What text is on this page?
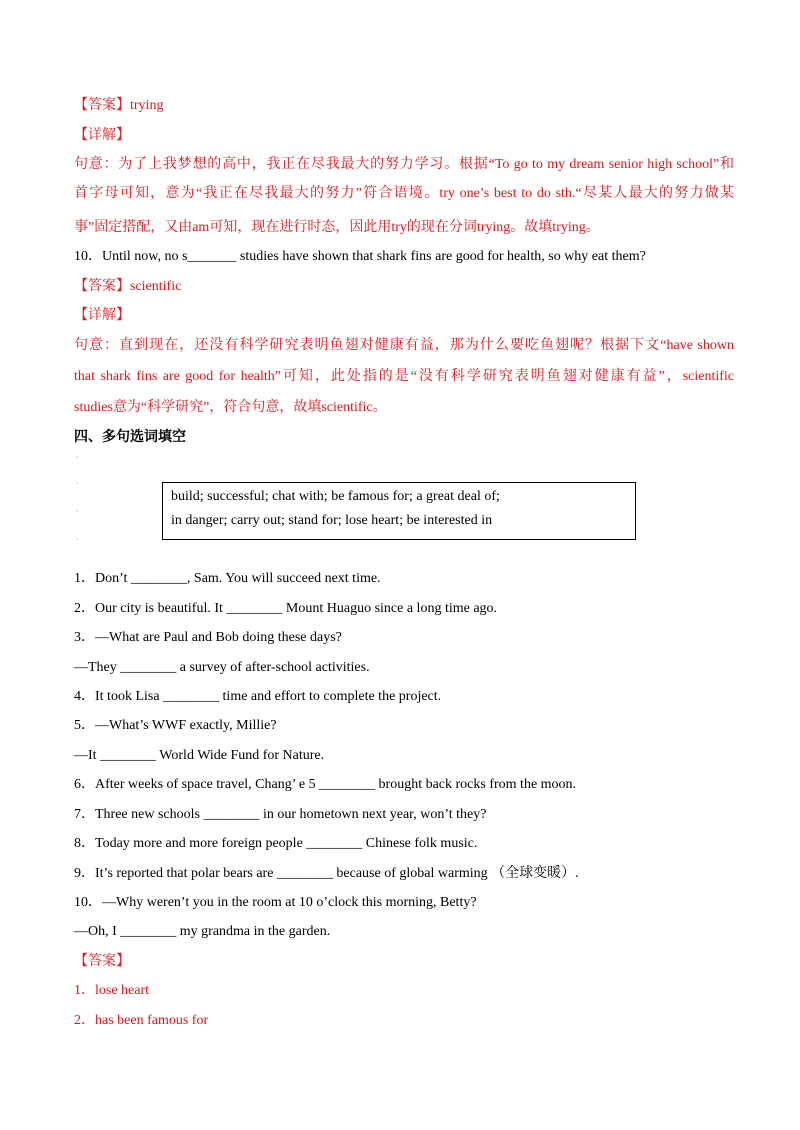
【答案】trying
【详解】
句意：为了上我梦想的高中，我正在尽我最大的努力学习。根据“To go to my dream senior high school”和
首字母可知，意为“我正在尽我最大的努力”符合语境。try one’s best to do sth.“尽某人最大的努力做某
事”固定搭配，又由am可知，现在进行时态，因此用try的现在分词trying。故填trying。
10．Until now, no s_______ studies have shown that shark fins are good for health, so why eat them?
【答案】scientific
【详解】
句意：直到现在，还没有科学研究表明鱼翅对健康有益，那为什么要吃鱼翅呢？根据下文“have shown
that shark fins are good for health”可知，此处指的是“没有科学研究表明鱼翅对健康有益”，scientific
studies意为“科学研究”，符合句意，故填scientific。
四、多句选词填空
·
·
·
·
build; successful; chat with; be famous for; a great deal of;
in danger; carry out; stand for; lose heart; be interested in
1．Don’t ________, Sam. You will succeed next time.
2．Our city is beautiful. It ________ Mount Huaguo since a long time ago.
3．—What are Paul and Bob doing these days?
—They ________ a survey of after-school activities.
4．It took Lisa ________ time and effort to complete the project.
5．—What’s WWF exactly, Millie?
—It ________ World Wide Fund for Nature.
6．After weeks of space travel, Chang’ e 5 ________ brought back rocks from the moon.
7．Three new schools ________ in our hometown next year, won’t they?
8．Today more and more foreign people ________ Chinese folk music.
9．It’s reported that polar bears are ________ because of global warming （全球变暖）.
10．—Why weren’t you in the room at 10 o’clock this morning, Betty?
—Oh, I ________ my grandma in the garden.
【答案】
1．lose heart
2．has been famous for
